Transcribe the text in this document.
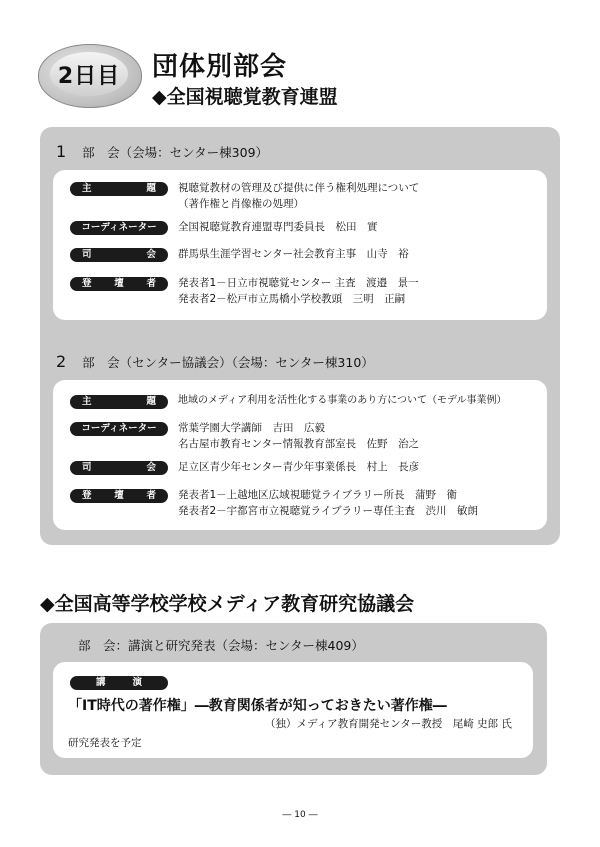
2日目	団体別部会
◆全国視聴覚教育連盟
1 部　会（会場：センター棟309）
主	題 視聴覚教材の管理及び提供に伴う権利処理について
（著作権と肖像権の処理）
コーディネーター 全国視聴覚教育連盟専門委員長　松田　實
司	会 群馬県生涯学習センター社会教育主事　山寺　裕
登 壇 者 発表者1－日立市視聴覚センター 主査　渡邉　景一
発表者2－松戸市立馬橋小学校教頭　三明　正嗣
2 部　会（センター協議会）（会場：センター棟310）
主	題 地域のメディア利用を活性化する事業のあり方について（モデル事業例）
コーディネーター 常葉学園大学講師　吉田　広毅
名古屋市教育センター情報教育部室長　佐野　治之
司	会 足立区青少年センター青少年事業係長　村上　長彦
登 壇 者 発表者1－上越地区広域視聴覚ライブラリー所長　蒲野　衛
発表者2－宇都宮市立視聴覚ライブラリー専任主査　渋川　敏朗
◆全国高等学校学校メディア教育研究協議会
部　会：講演と研究発表（会場：センター棟409）
講	演
「IT時代の著作権」―教育関係者が知っておきたい著作権―
（独）メディア教育開発センター教授　尾崎 史郎 氏
研究発表を予定
― 10 ―
